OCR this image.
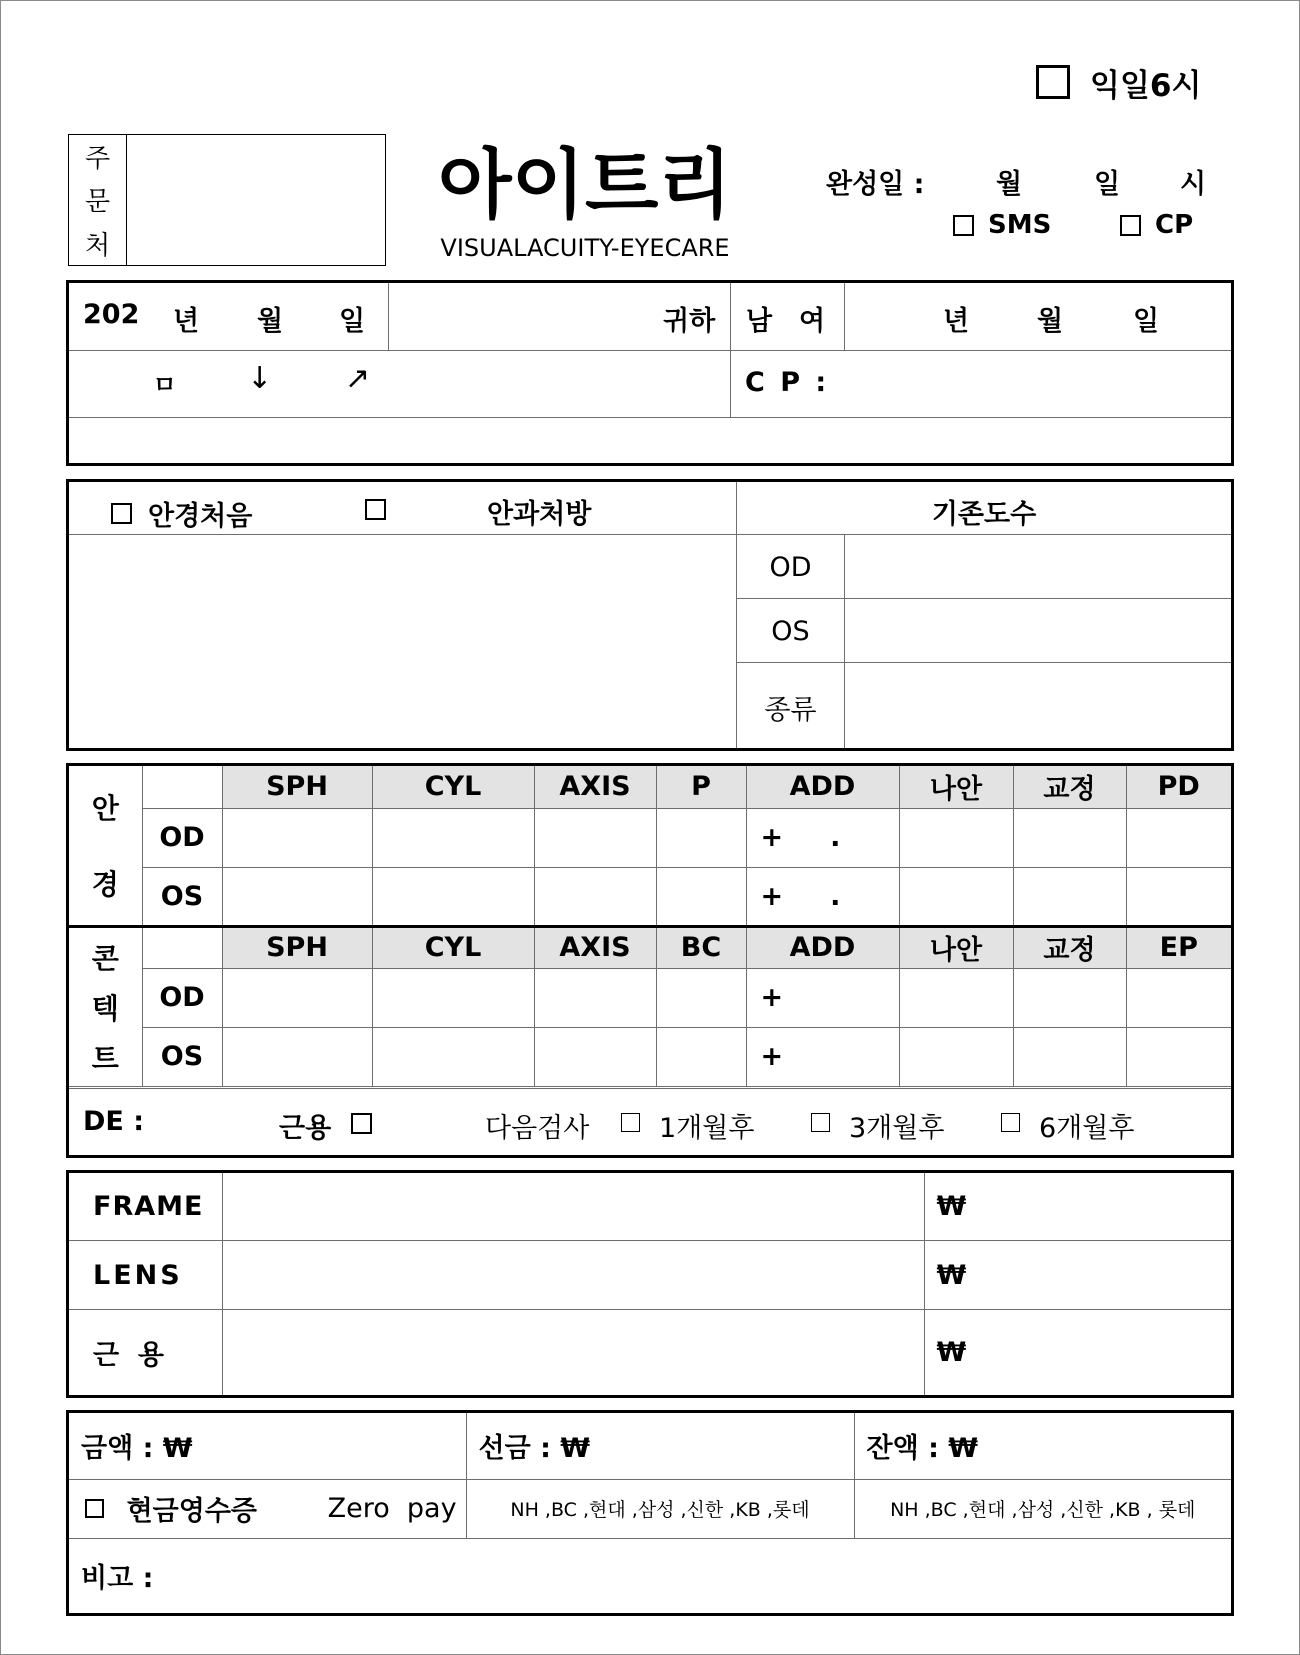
익일6시
주
문
처
아이트리
VISUALACUITY-EYECARE
완성일 :	월	일 시
SMS	CP
202 년 월 일	귀하 남 여	년	월	일
ㅁ ↓ ↗	C P :
안경처음	안과처방	기존도수
OD
OS
종류
안
경		SPH	CYL	AXIS	P	ADD	나안	교정	PD
	OD					+     .			
	OS					+     .			

콘
텍
트		SPH	CYL	AXIS	BC	ADD	나안	교정	EP
	OD					+			
	OS					+			
DE :	근용	다음검사	1개월후	3개월후	6개월후
FRAME		₩
LENS		₩
근  용		₩
금액 : ₩	선금 : ₩	잔액 : ₩
현금영수증 Zero  pay	NH ,BC ,현대 ,삼성 ,신한 ,KB ,롯데	NH ,BC ,현대 ,삼성 ,신한 ,KB , 롯데
비고 :		
